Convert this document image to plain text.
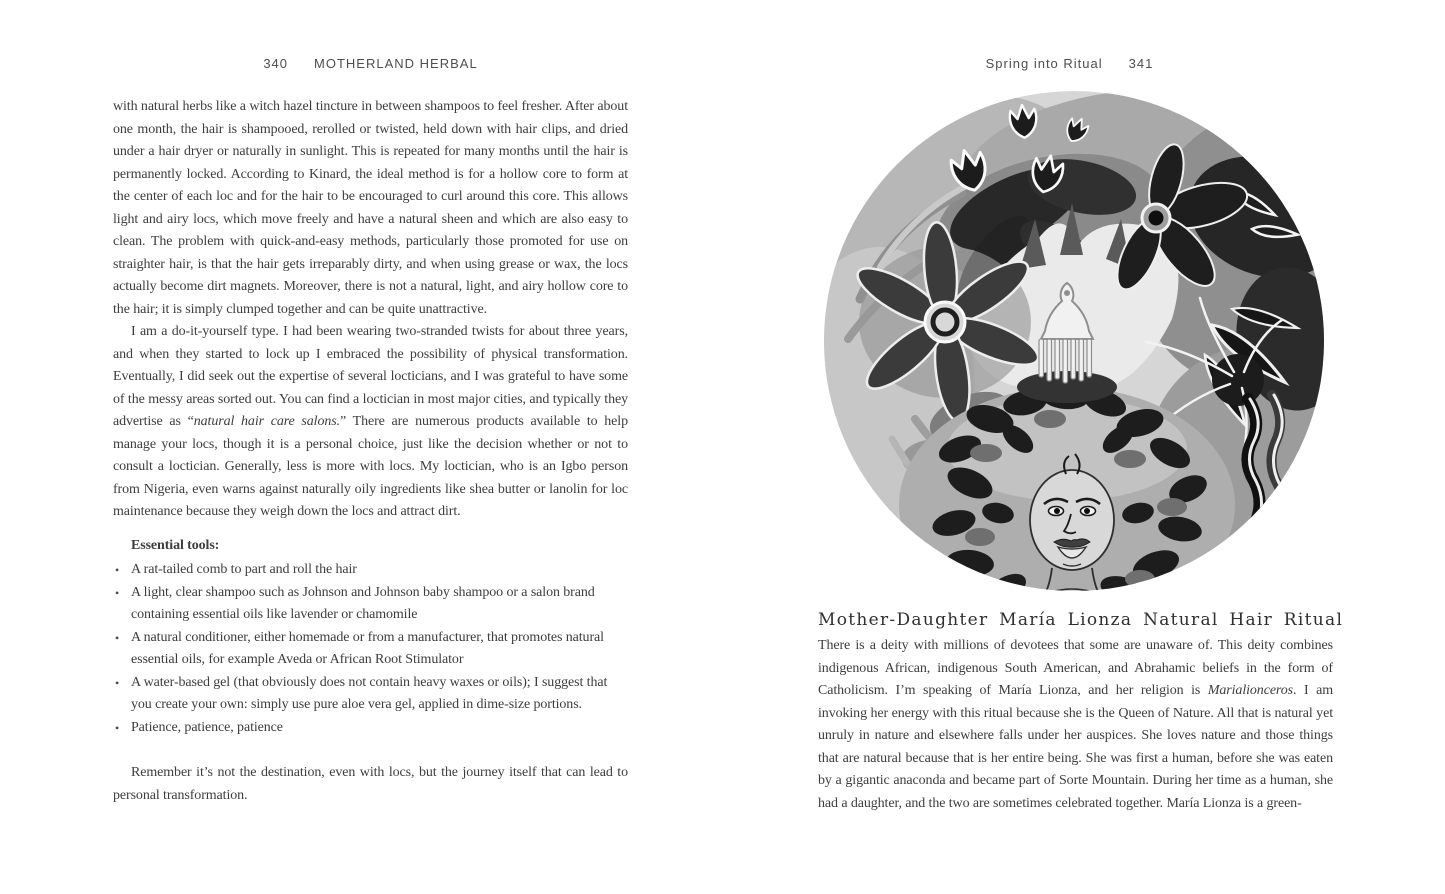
340 MOTHERLAND HERBAL

with natural herbs like a witch hazel tincture in between shampoos to feel fresher. After about one month, the hair is shampooed, rerolled or twisted, held down with hair clips, and dried under a hair dryer or naturally in sunlight. This is repeated for many months until the hair is permanently locked. According to Kinard, the ideal method is for a hollow core to form at the center of each loc and for the hair to be encouraged to curl around this core. This allows light and airy locs, which move freely and have a natural sheen and which are also easy to clean. The problem with quick-and-easy methods, particularly those promoted for use on straighter hair, is that the hair gets irreparably dirty, and when using grease or wax, the locs actually become dirt magnets. Moreover, there is not a natural, light, and airy hollow core to the hair; it is simply clumped together and can be quite unattractive.

I am a do-it-yourself type. I had been wearing two-stranded twists for about three years, and when they started to lock up I embraced the possibility of physical transformation. Eventually, I did seek out the expertise of several locticians, and I was grateful to have some of the messy areas sorted out. You can find a loctician in most major cities, and typically they advertise as “natural hair care salons.” There are numerous products available to help manage your locs, though it is a personal choice, just like the decision whether or not to consult a loctician. Generally, less is more with locs. My loctician, who is an Igbo person from Nigeria, even warns against naturally oily ingredients like shea butter or lanolin for loc maintenance because they weigh down the locs and attract dirt.

Essential tools:

• A rat-tailed comb to part and roll the hair
• A light, clear shampoo such as Johnson and Johnson baby shampoo or a salon brand containing essential oils like lavender or chamomile
• A natural conditioner, either homemade or from a manufacturer, that promotes natural essential oils, for example Aveda or African Root Stimulator
• A water-based gel (that obviously does not contain heavy waxes or oils); I suggest that you create your own: simply use pure aloe vera gel, applied in dime-size portions.
• Patience, patience, patience

Remember it’s not the destination, even with locs, but the journey itself that can lead to personal transformation.

Spring into Ritual 341
Mother-Daughter María Lionza Natural Hair Ritual

There is a deity with millions of devotees that some are unaware of. This deity combines indigenous African, indigenous South American, and Abrahamic beliefs in the form of Catholicism. I’m speaking of María Lionza, and her religion is Marialionceros. I am invoking her energy with this ritual because she is the Queen of Nature. All that is natural yet unruly in nature and elsewhere falls under her auspices. She loves nature and those things that are natural because that is her entire being. She was first a human, before she was eaten by a gigantic anaconda and became part of Sorte Mountain. During her time as a human, she had a daughter, and the two are sometimes celebrated together. María Lionza is a green-
